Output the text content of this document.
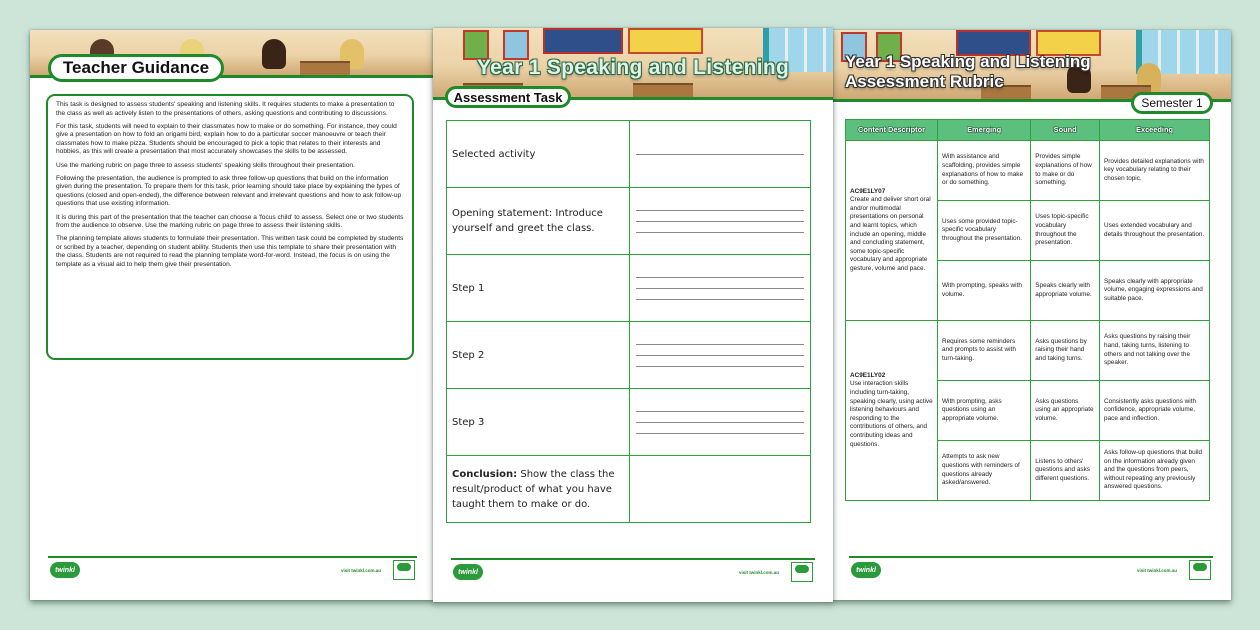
Teacher Guidance

This task is designed to assess students' speaking and listening skills. It requires students to make a presentation to the class as well as actively listen to the presentations of others, asking questions and contributing to discussions.

For this task, students will need to explain to their classmates how to make or do something. For instance, they could give a presentation on how to fold an origami bird, explain how to do a particular soccer manoeuvre or teach their classmates how to make pizza. Students should be encouraged to pick a topic that relates to their interests and hobbies, as this will create a presentation that most accurately showcases the skills to be assessed.

Use the marking rubric on page three to assess students' speaking skills throughout their presentation.

Following the presentation, the audience is prompted to ask three follow-up questions that build on the information given during the presentation. To prepare them for this task, prior learning should take place by explaining the types of questions (closed and open-ended), the difference between relevant and irrelevant questions and how to ask follow-up questions that use existing information.

It is during this part of the presentation that the teacher can choose a 'focus child' to assess. Select one or two students from the audience to observe. Use the marking rubric on page three to assess their listening skills.

The planning template allows students to formulate their presentation. This written task could be completed by students or scribed by a teacher, depending on student ability. Students then use this template to share their presentation with the class. Students are not required to read the planning template word-for-word. Instead, the focus is on using the template as a visual aid to help them give their presentation.

twinkl	visit twinkl.com.au
Year 1 Speaking and Listening
Assessment Task
Selected activity	

Opening statement: Introduce yourself and greet the class.	

Step 1	

Step 2	

Step 3	

Conclusion: Show the class the result/product of what you have taught them to make or do.	
twinkl	visit twinkl.com.au
Year 1 Speaking and Listening
Assessment Rubric
Semester 1
Content Descriptor	Emerging	Sound	Exceeding

AC9E1LY07
Create and deliver short oral and/or multimodal presentations on personal and learnt topics, which include an opening, middle and concluding statement, some topic-specific vocabulary and appropriate gesture, volume and pace.	With assistance and scaffolding, provides simple explanations of how to make or do something.	Provides simple explanations of how to make or do something.	Provides detailed explanations with key vocabulary relating to their chosen topic.
	Uses some provided topic-specific vocabulary throughout the presentation.	Uses topic-specific vocabulary throughout the presentation.	Uses extended vocabulary and details throughout the presentation.
	With prompting, speaks with volume.	Speaks clearly with appropriate volume.	Speaks clearly with appropriate volume, engaging expressions and suitable pace.

AC9E1LY02
Use interaction skills including turn-taking, speaking clearly, using active listening behaviours and responding to the contributions of others, and contributing ideas and questions.	Requires some reminders and prompts to assist with turn-taking.	Asks questions by raising their hand and taking turns.	Asks questions by raising their hand, taking turns, listening to others and not talking over the speaker.
	With prompting, asks questions using an appropriate volume.	Asks questions using an appropriate volume.	Consistently asks questions with confidence, appropriate volume, pace and inflection.
	Attempts to ask new questions with reminders of questions already asked/answered.	Listens to others' questions and asks different questions.	Asks follow-up questions that build on the information already given and the questions from peers, without repeating any previously answered questions.
twinkl	visit twinkl.com.au
